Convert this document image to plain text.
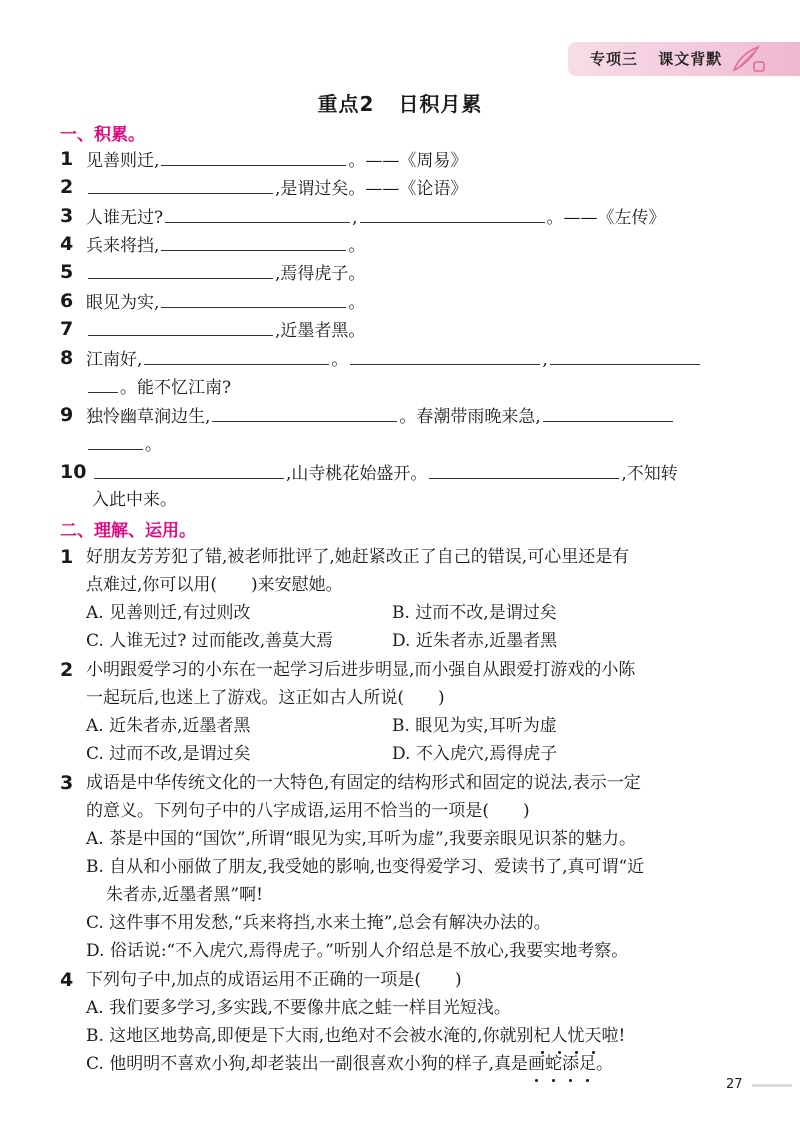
专项三 课文背默
重点2 日积月累
一、积累。
1 见善则迁,	。——《周易》
2	,是谓过矣。——《论语》
3 人谁无过?	,	。——《左传》
4 兵来将挡,	。
5	,焉得虎子。
6 眼见为实,	。
7	,近墨者黑。
8 江南好,	。	,
。能不忆江南?
9 独怜幽草涧边生,	。春潮带雨晚来急,
。
10	,山寺桃花始盛开。	,不知转
入此中来。
二、理解、运用。
1 好朋友芳芳犯了错,被老师批评了,她赶紧改正了自己的错误,可心里还是有
点难过,你可以用(　　)来安慰她。
A. 见善则迁,有过则改	B. 过而不改,是谓过矣
C. 人谁无过? 过而能改,善莫大焉	D. 近朱者赤,近墨者黑
2 小明跟爱学习的小东在一起学习后进步明显,而小强自从跟爱打游戏的小陈
一起玩后,也迷上了游戏。这正如古人所说(　　)
A. 近朱者赤,近墨者黑	B. 眼见为实,耳听为虚
C. 过而不改,是谓过矣	D. 不入虎穴,焉得虎子
3 成语是中华传统文化的一大特色,有固定的结构形式和固定的说法,表示一定
的意义。下列句子中的八字成语,运用不恰当的一项是(　　)
A. 茶是中国的“国饮”,所谓“眼见为实,耳听为虚”,我要亲眼见识茶的魅力。
B. 自从和小丽做了朋友,我受她的影响,也变得爱学习、爱读书了,真可谓“近
朱者赤,近墨者黑”啊!
C. 这件事不用发愁,“兵来将挡,水来土掩”,总会有解决办法的。
D. 俗话说:“不入虎穴,焉得虎子。”听别人介绍总是不放心,我要实地考察。
4 下列句子中,加点的成语运用不正确的一项是(　　)
A. 我们要多学习,多实践,不要像井底之蛙一样目光短浅。
B. 这地区地势高,即便是下大雨,也绝对不会被水淹的,你就别杞人忧天啦!
C. 他明明不喜欢小狗,却老装出一副很喜欢小狗的样子,真是画蛇添足。
27
